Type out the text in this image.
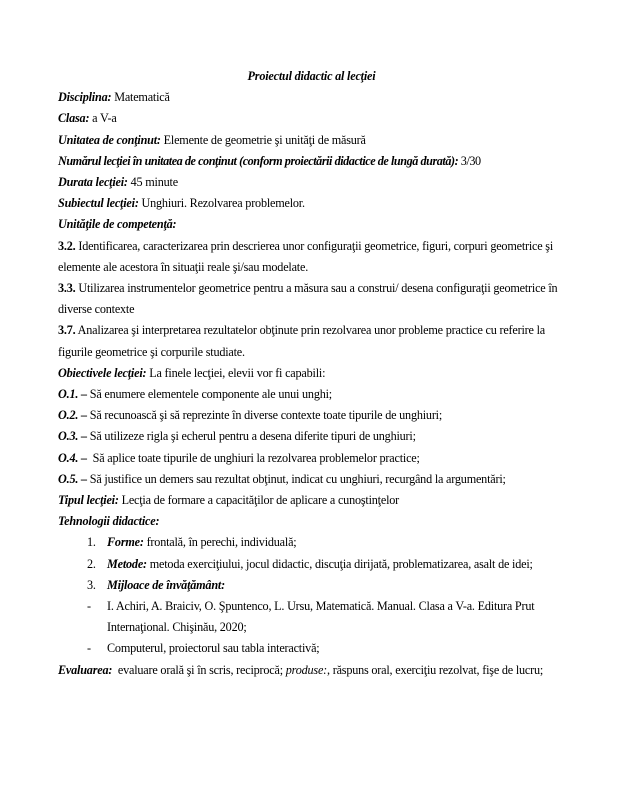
Proiectul didactic al lecţiei

Disciplina: Matematică

Clasa: a V-a

Unitatea de conţinut: Elemente de geometrie şi unităţi de măsură

Numărul lecţiei în unitatea de conţinut (conform proiectării didactice de lungă durată): 3/30

Durata lecţiei: 45 minute

Subiectul lecţiei: Unghiuri. Rezolvarea problemelor.

Unităţile de competenţă:

3.2. Identificarea, caracterizarea prin descrierea unor configuraţii geometrice, figuri, corpuri geometrice şi elemente ale acestora în situaţii reale şi/sau modelate.

3.3. Utilizarea instrumentelor geometrice pentru a măsura sau a construi/ desena configuraţii geometrice în diverse contexte

3.7. Analizarea şi interpretarea rezultatelor obţinute prin rezolvarea unor probleme practice cu referire la figurile geometrice şi corpurile studiate.

Obiectivele lecţiei: La finele lecţiei, elevii vor fi capabili:

O.1. – Să enumere elementele componente ale unui unghi;

O.2. – Să recunoască şi să reprezinte în diverse contexte toate tipurile de unghiuri;

O.3. – Să utilizeze rigla şi echerul pentru a desena diferite tipuri de unghiuri;

O.4. – Să aplice toate tipurile de unghiuri la rezolvarea problemelor practice;

O.5. – Să justifice un demers sau rezultat obţinut, indicat cu unghiuri, recurgând la argumentări;

Tipul lecţiei: Lecţia de formare a capacităţilor de aplicare a cunoştinţelor

Tehnologii didactice:

1. Forme: frontală, în perechi, individuală;

2. Metode: metoda exerciţiului, jocul didactic, discuţia dirijată, problematizarea, asalt de idei;

3. Mijloace de învăţământ:

- I. Achiri, A. Braiciv, O. Şpuntenco, L. Ursu, Matematică. Manual. Clasa a V-a. Editura Prut Internaţional. Chişinău, 2020;

- Computerul, proiectorul sau tabla interactivă;

Evaluarea: evaluare orală şi în scris, reciprocă; produse:, răspuns oral, exerciţiu rezolvat, fişe de lucru;
